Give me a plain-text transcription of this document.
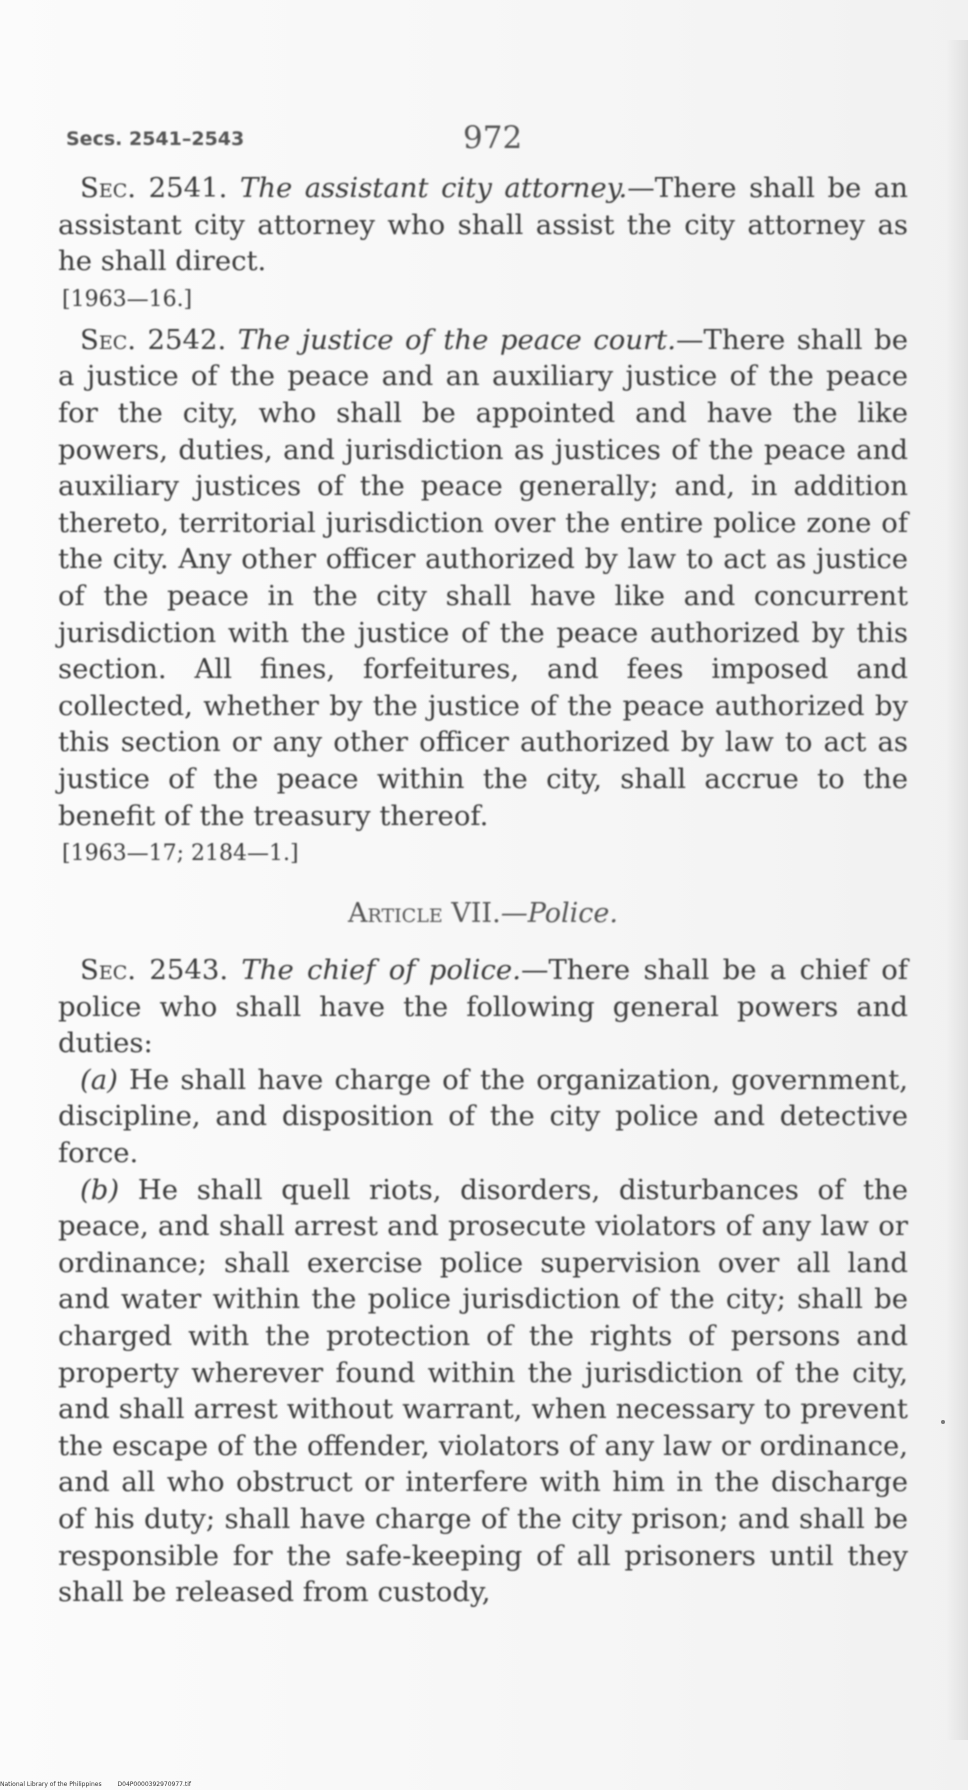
Secs. 2541–2543	972

Sec. 2541. The assistant city attorney.—There shall be an assistant city attorney who shall assist the city attorney as he shall direct.

[1963—16.]

Sec. 2542. The justice of the peace court.—There shall be a justice of the peace and an auxiliary justice of the peace for the city, who shall be appointed and have the like powers, duties, and jurisdiction as justices of the peace and auxiliary justices of the peace generally; and, in addition thereto, territorial jurisdiction over the entire police zone of the city. Any other officer authorized by law to act as justice of the peace in the city shall have like and concurrent jurisdiction with the justice of the peace authorized by this section. All fines, forfeitures, and fees imposed and collected, whether by the justice of the peace authorized by this section or any other officer authorized by law to act as justice of the peace within the city, shall accrue to the benefit of the treasury thereof.

[1963—17; 2184—1.]

Article VII.—Police.

Sec. 2543. The chief of police.—There shall be a chief of police who shall have the following general powers and duties:

(a) He shall have charge of the organization, government, discipline, and disposition of the city police and detective force.

(b) He shall quell riots, disorders, disturbances of the peace, and shall arrest and prosecute violators of any law or ordinance; shall exercise police supervision over all land and water within the police jurisdiction of the city; shall be charged with the protection of the rights of persons and property wherever found within the jurisdiction of the city, and shall arrest without warrant, when necessary to prevent the escape of the offender, violators of any law or ordinance, and all who obstruct or interfere with him in the discharge of his duty; shall have charge of the city prison; and shall be responsible for the safe-keeping of all prisoners until they shall be released from custody,

National Library of the Philippines	D04P0000392970977.tif
